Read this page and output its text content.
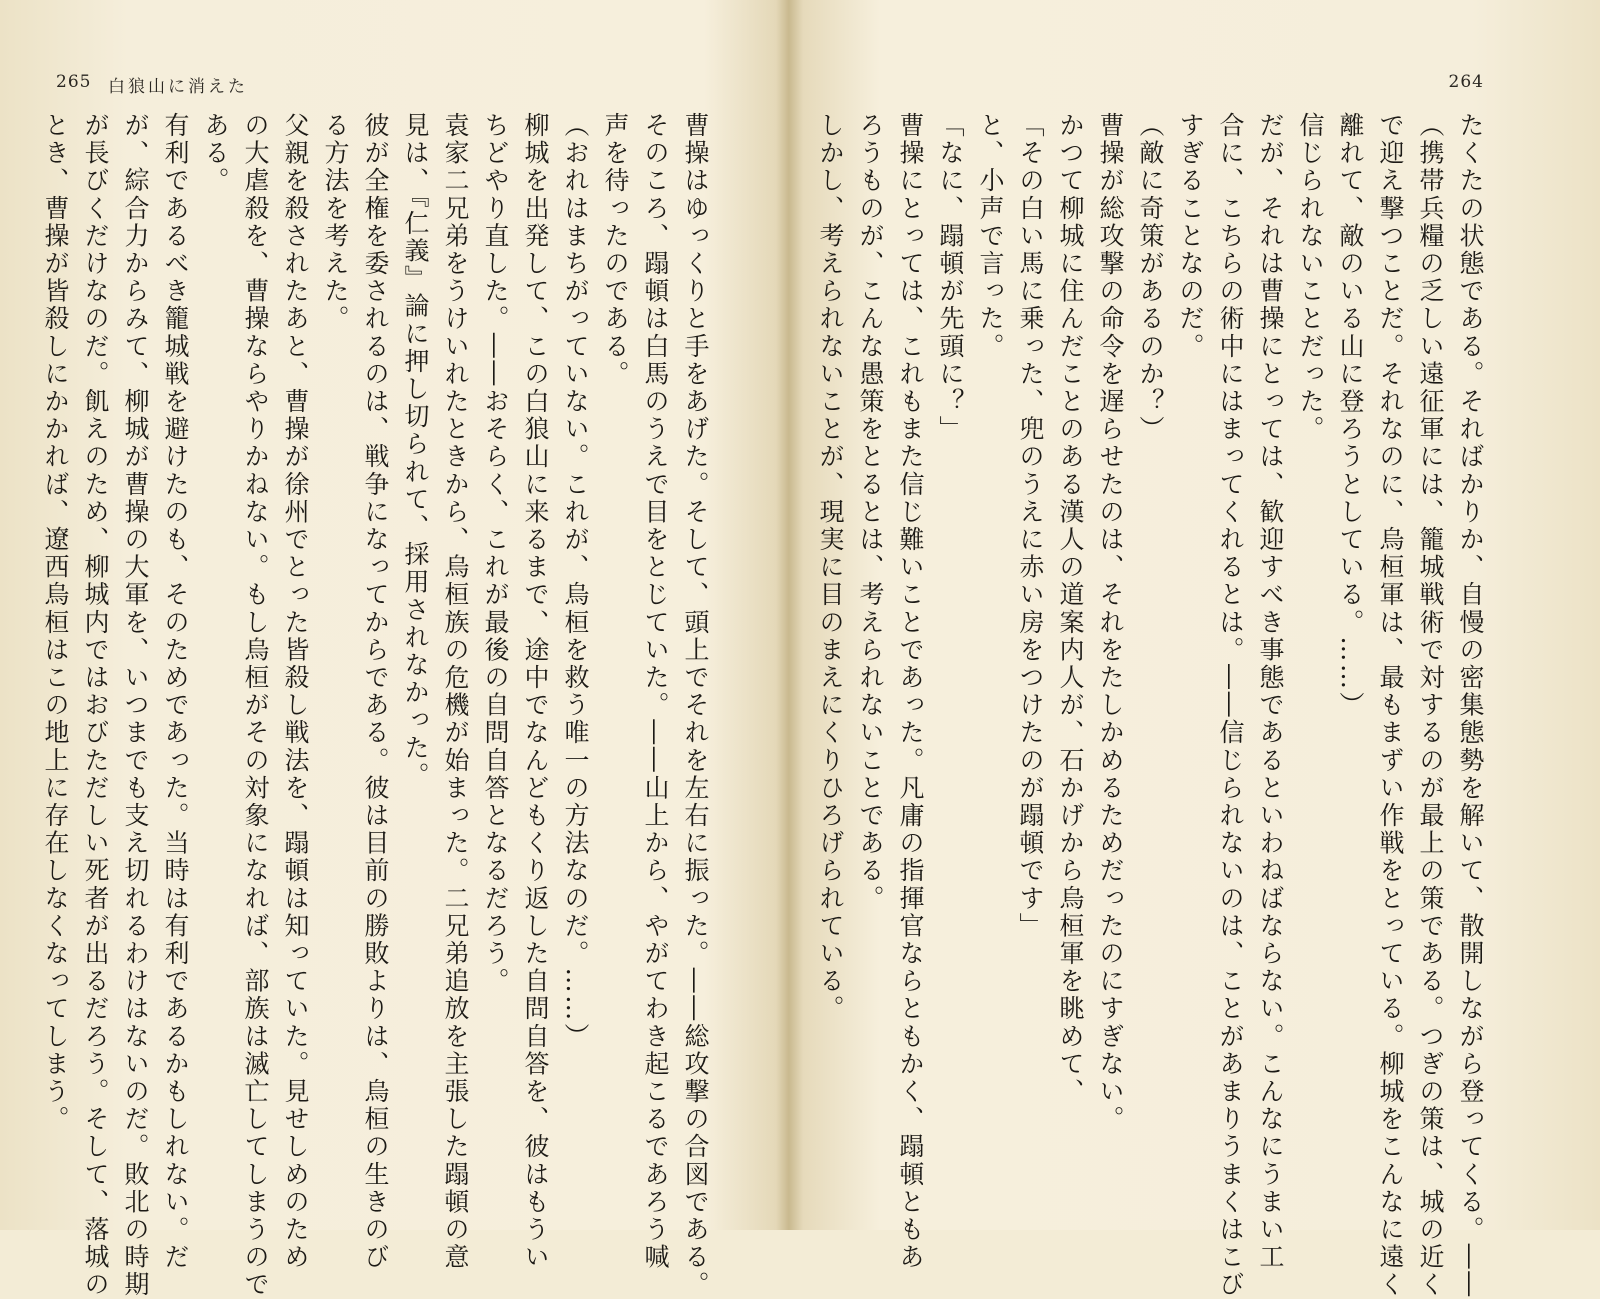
264
たくたの状態である。そればかりか、自慢の密集態勢を解いて、散開しながら登ってくる。――
（携帯兵糧の乏しい遠征軍には、籠城戦術で対するのが最上の策である。つぎの策は、城の近く
で迎え撃つことだ。それなのに、烏桓軍は、最もまずい作戦をとっている。柳城をこんなに遠く
離れて、敵のいる山に登ろうとしている。……）
信じられないことだった。
だが、それは曹操にとっては、歓迎すべき事態であるといわねばならない。こんなにうまい工
合に、こちらの術中にはまってくれるとは。――信じられないのは、ことがあまりうまくはこび
すぎることなのだ。
（敵に奇策があるのか？）
曹操が総攻撃の命令を遅らせたのは、それをたしかめるためだったのにすぎない。
かつて柳城に住んだことのある漢人の道案内人が、石かげから烏桓軍を眺めて、
「その白い馬に乗った、兜のうえに赤い房をつけたのが蹋頓です」
と、小声で言った。
「なに、蹋頓が先頭に？」
曹操にとっては、これもまた信じ難いことであった。凡庸の指揮官ならともかく、蹋頓ともあ
ろうものが、こんな愚策をとるとは、考えられないことである。
しかし、考えられないことが、現実に目のまえにくりひろげられている。
265 白狼山に消えた
曹操はゆっくりと手をあげた。そして、頭上でそれを左右に振った。――総攻撃の合図である。
そのころ、蹋頓は白馬のうえで目をとじていた。――山上から、やがてわき起こるであろう喊
声を待ったのである。
（おれはまちがっていない。これが、烏桓を救う唯一の方法なのだ。……）
柳城を出発して、この白狼山に来るまで、途中でなんどもくり返した自問自答を、彼はもうい
ちどやり直した。――おそらく、これが最後の自問自答となるだろう。
袁家二兄弟をうけいれたときから、烏桓族の危機が始まった。二兄弟追放を主張した蹋頓の意
見は、『仁義』論に押し切られて、採用されなかった。
彼が全権を委されるのは、戦争になってからである。彼は目前の勝敗よりは、烏桓の生きのび
る方法を考えた。
父親を殺されたあと、曹操が徐州でとった皆殺し戦法を、蹋頓は知っていた。見せしめのため
の大虐殺を、曹操ならやりかねない。もし烏桓がその対象になれば、部族は滅亡してしまうので
ある。
有利であるべき籠城戦を避けたのも、そのためであった。当時は有利であるかもしれない。だ
が、綜合力からみて、柳城が曹操の大軍を、いつまでも支え切れるわけはないのだ。敗北の時期
が長びくだけなのだ。飢えのため、柳城内ではおびただしい死者が出るだろう。そして、落城の
とき、曹操が皆殺しにかかれば、遼西烏桓はこの地上に存在しなくなってしまう。
